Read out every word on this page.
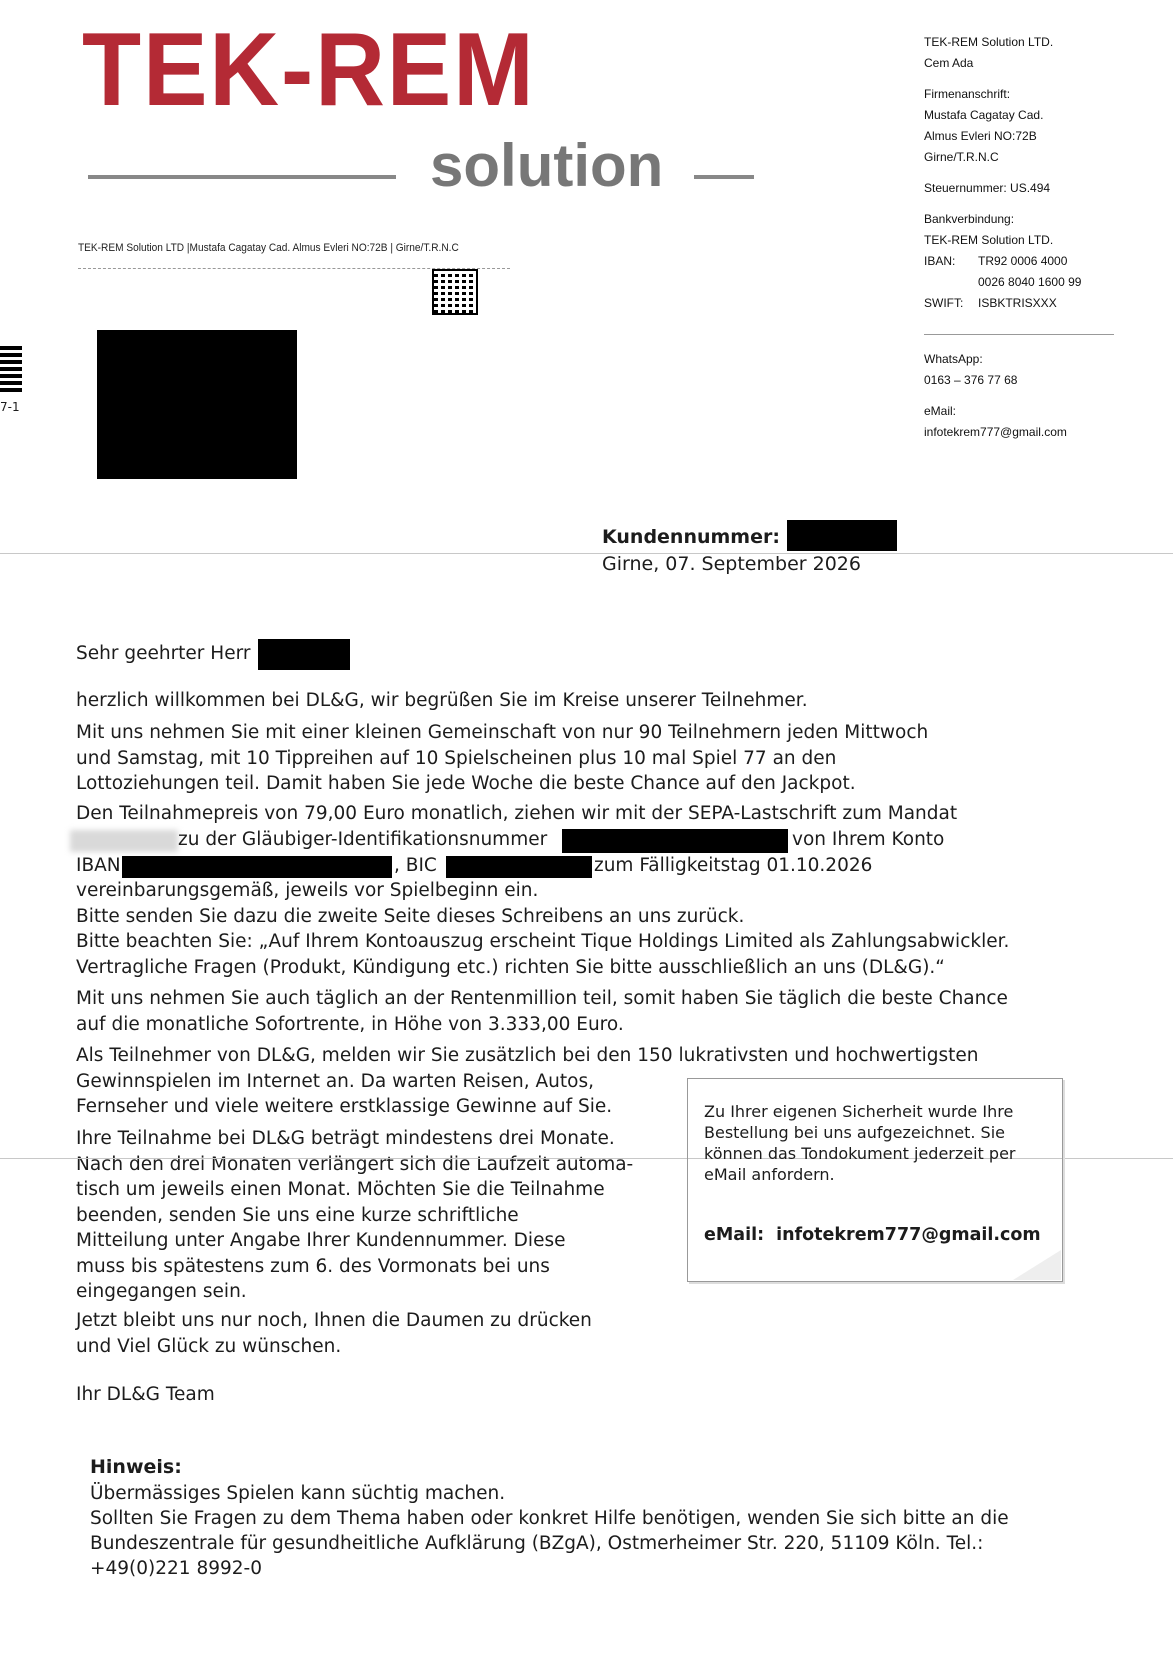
TEK-REM
solution
TEK-REM Solution LTD |Mustafa Cagatay Cad. Almus Evleri NO:72B | Girne/T.R.N.C
7-1
TEK-REM Solution LTD.
Cem Ada
Firmenanschrift:
Mustafa Cagatay Cad.
Almus Evleri NO:72B
Girne/T.R.N.C
Steuernummer: US.494
Bankverbindung:
TEK-REM Solution LTD.
IBAN:	TR92 0006 4000
0026 8040 1600 99
SWIFT:	ISBKTRISXXX
WhatsApp:
0163 – 376 77 68
eMail:
infotekrem777@gmail.com
Kundennummer:
Girne, 07. September 2026
Sehr geehrter Herr
herzlich willkommen bei DL&G, wir begrüßen Sie im Kreise unserer Teilnehmer.
Mit uns nehmen Sie mit einer kleinen Gemeinschaft von nur 90 Teilnehmern jeden Mittwoch
und Samstag, mit 10 Tippreihen auf 10 Spielscheinen plus 10 mal Spiel 77 an den
Lottoziehungen teil. Damit haben Sie jede Woche die beste Chance auf den Jackpot.
Den Teilnahmepreis von 79,00 Euro monatlich, ziehen wir mit der SEPA-Lastschrift zum Mandat
zu der Gläubiger-Identifikationsnummer	von Ihrem Konto
IBAN	, BIC	zum Fälligkeitstag 01.10.2026
vereinbarungsgemäß, jeweils vor Spielbeginn ein.
Bitte senden Sie dazu die zweite Seite dieses Schreibens an uns zurück.
Bitte beachten Sie: „Auf Ihrem Kontoauszug erscheint Tique Holdings Limited als Zahlungsabwickler.
Vertragliche Fragen (Produkt, Kündigung etc.) richten Sie bitte ausschließlich an uns (DL&G).“
Mit uns nehmen Sie auch täglich an der Rentenmillion teil, somit haben Sie täglich die beste Chance
auf die monatliche Sofortrente, in Höhe von 3.333,00 Euro.
Als Teilnehmer von DL&G, melden wir Sie zusätzlich bei den 150 lukrativsten und hochwertigsten
Gewinnspielen im Internet an. Da warten Reisen, Autos,
Fernseher und viele weitere erstklassige Gewinne auf Sie.
Ihre Teilnahme bei DL&G beträgt mindestens drei Monate.
Nach den drei Monaten verlängert sich die Laufzeit automa-
tisch um jeweils einen Monat. Möchten Sie die Teilnahme
beenden, senden Sie uns eine kurze schriftliche
Mitteilung unter Angabe Ihrer Kundennummer. Diese
muss bis spätestens zum 6. des Vormonats bei uns
eingegangen sein.
Jetzt bleibt uns nur noch, Ihnen die Daumen zu drücken
und Viel Glück zu wünschen.
Ihr DL&G Team
Zu Ihrer eigenen Sicherheit wurde Ihre
Bestellung bei uns aufgezeichnet. Sie
können das Tondokument jederzeit per
eMail anfordern.
eMail: infotekrem777@gmail.com
Hinweis:
Übermässiges Spielen kann süchtig machen.
Sollten Sie Fragen zu dem Thema haben oder konkret Hilfe benötigen, wenden Sie sich bitte an die
Bundeszentrale für gesundheitliche Aufklärung (BZgA), Ostmerheimer Str. 220, 51109 Köln. Tel.:
+49(0)221 8992-0
